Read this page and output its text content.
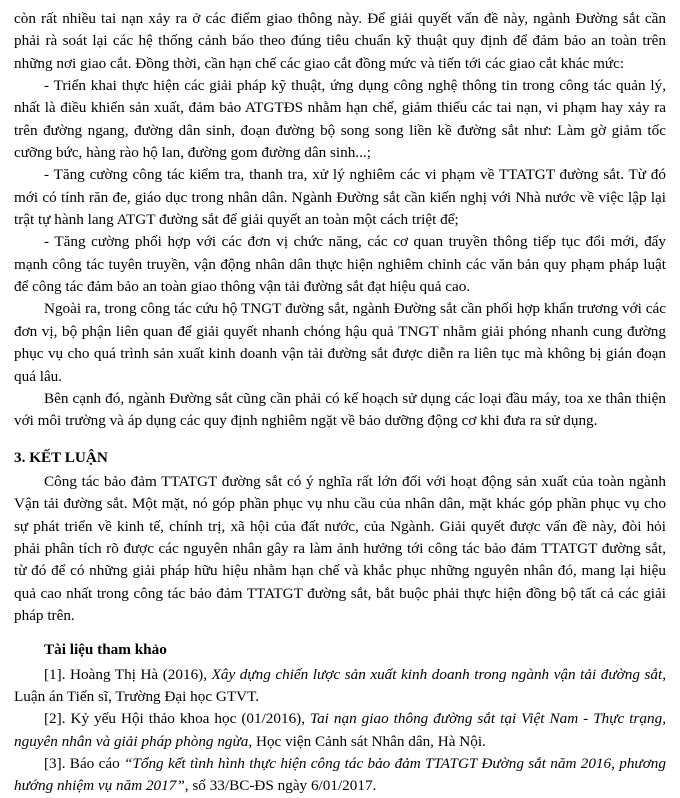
còn rất nhiều tai nạn xảy ra ở các điểm giao thông này. Để giải quyết vấn đề này, ngành Đường sắt cần phải rà soát lại các hệ thống cảnh báo theo đúng tiêu chuẩn kỹ thuật quy định để đảm bảo an toàn trên những nơi giao cắt. Đồng thời, cần hạn chế các giao cắt đồng mức và tiến tới các giao cắt khác mức:

- Triển khai thực hiện các giải pháp kỹ thuật, ứng dụng công nghệ thông tin trong công tác quản lý, nhất là điều khiển sản xuất, đảm bảo ATGTĐS nhằm hạn chế, giảm thiểu các tai nạn, vi phạm hay xảy ra trên đường ngang, đường dân sinh, đoạn đường bộ song song liền kề đường sắt như: Làm gờ giảm tốc cưỡng bức, hàng rào hộ lan, đường gom đường dân sinh...;

- Tăng cường công tác kiểm tra, thanh tra, xử lý nghiêm các vi phạm về TTATGT đường sắt. Từ đó mới có tính răn đe, giáo dục trong nhân dân. Ngành Đường sắt cần kiến nghị với Nhà nước về việc lập lại trật tự hành lang ATGT đường sắt để giải quyết an toàn một cách triệt để;

- Tăng cường phối hợp với các đơn vị chức năng, các cơ quan truyền thông tiếp tục đổi mới, đẩy mạnh công tác tuyên truyền, vận động nhân dân thực hiện nghiêm chỉnh các văn bản quy phạm pháp luật để công tác đảm bảo an toàn giao thông vận tải đường sắt đạt hiệu quả cao.

Ngoài ra, trong công tác cứu hộ TNGT đường sắt, ngành Đường sắt cần phối hợp khẩn trương với các đơn vị, bộ phận liên quan để giải quyết nhanh chóng hậu quả TNGT nhằm giải phóng nhanh cung đường phục vụ cho quá trình sản xuất kinh doanh vận tải đường sắt được diễn ra liên tục mà không bị gián đoạn quá lâu.

Bên cạnh đó, ngành Đường sắt cũng cần phải có kế hoạch sử dụng các loại đầu máy, toa xe thân thiện với môi trường và áp dụng các quy định nghiêm ngặt về bảo dưỡng động cơ khi đưa ra sử dụng.

3. KẾT LUẬN

Công tác bảo đảm TTATGT đường sắt có ý nghĩa rất lớn đối với hoạt động sản xuất của toàn ngành Vận tải đường sắt. Một mặt, nó góp phần phục vụ nhu cầu của nhân dân, mặt khác góp phần phục vụ cho sự phát triển về kinh tế, chính trị, xã hội của đất nước, của Ngành. Giải quyết được vấn đề này, đòi hỏi phải phân tích rõ được các nguyên nhân gây ra làm ảnh hưởng tới công tác bảo đảm TTATGT đường sắt, từ đó để có những giải pháp hữu hiệu nhằm hạn chế và khắc phục những nguyên nhân đó, mang lại hiệu quả cao nhất trong công tác bảo đảm TTATGT đường sắt, bắt buộc phải thực hiện đồng bộ tất cả các giải pháp trên.

Tài liệu tham khảo

[1]. Hoàng Thị Hà (2016), Xây dựng chiến lược sản xuất kinh doanh trong ngành vận tải đường sắt, Luận án Tiến sĩ, Trường Đại học GTVT.

[2]. Kỷ yếu Hội thảo khoa học (01/2016), Tai nạn giao thông đường sắt tại Việt Nam - Thực trạng, nguyên nhân và giải pháp phòng ngừa, Học viện Cảnh sát Nhân dân, Hà Nội.

[3]. Báo cáo “Tổng kết tình hình thực hiện công tác bảo đảm TTATGT Đường sắt năm 2016, phương hướng nhiệm vụ năm 2017”, số 33/BC-ĐS ngày 6/01/2017.
